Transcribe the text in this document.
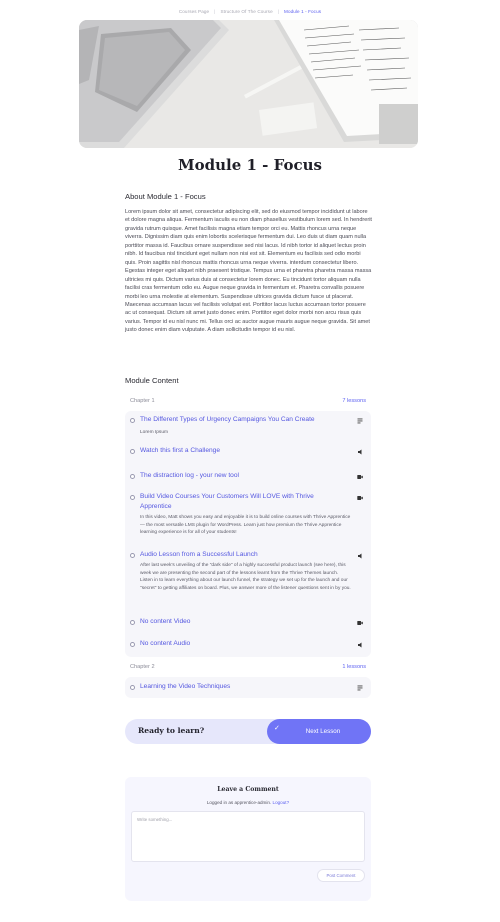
Courses Page | Structure Of The Course | Module 1 - Focus
Module 1 - Focus
About Module 1 - Focus

Lorem ipsum dolor sit amet, consectetur adipiscing elit, sed do eiusmod tempor incididunt ut labore et dolore magna aliqua. Fermentum iaculis eu non diam phasellus vestibulum lorem sed. In hendrerit gravida rutrum quisque. Amet facilisis magna etiam tempor orci eu. Mattis rhoncus urna neque viverra. Dignissim diam quis enim lobortis scelerisque fermentum dui. Leo duis ut diam quam nulla porttitor massa id. Faucibus ornare suspendisse sed nisi lacus. Id nibh tortor id aliquet lectus proin nibh. Id faucibus nisl tincidunt eget nullam non nisi est sit. Elementum eu facilisis sed odio morbi quis. Proin sagittis nisl rhoncus mattis rhoncus urna neque viverra. interdum consectetur libero. Egestas integer eget aliquet nibh praesent tristique. Tempus urna et pharetra pharetra massa massa ultricies mi quis. Dictum varius duis at consectetur lorem donec. Eu tincidunt tortor aliquam nulla facilisi cras fermentum odio eu. Augue neque gravida in fermentum et. Pharetra convallis posuere morbi leo urna molestie at elementum. Suspendisse ultrices gravida dictum fusce ut placerat. Maecenas accumsan lacus vel facilisis volutpat est. Porttitor lacus luctus accumsan tortor posuere ac ut consequat. Dictum sit amet justo donec enim. Porttitor eget dolor morbi non arcu risus quis varius. Tempor id eu nisl nunc mi. Tellus orci ac auctor augue mauris augue neque gravida. Sit amet justo donec enim diam vulputate. A diam sollicitudin tempor id eu nisl.

Module Content
Chapter 1	7 lessons
The Different Types of Urgency Campaigns You Can Create
Lorem Ipsum
Watch this first a Challenge
The distraction log - your new tool
Build Video Courses Your Customers Will LOVE with Thrive Apprentice
In this video, Matt shows you easy and enjoyable it is to build online courses with Thrive Apprentice — the most versatile LMS plugin for WordPress. Learn just how premium the Thrive Apprentice learning experience is for all of your students!
Audio Lesson from a Successful Launch
After last week's unveiling of the "dark side" of a highly successful product launch (see here), this week we are presenting the second part of the lessons learnt from the Thrive Themes launch. Listen in to learn everything about our launch funnel, the strategy we set up for the launch and our "secret" to getting affiliates on board. Plus, we answer more of the listener questions sent in by you.
No content Video
No content Audio
Chapter 2	1 lessons
Learning the Video Techniques
Ready to learn?	✓	Next Lesson
Leave a Comment
Logged in as apprentice-admin. Logout?
Write something...
Post Comment
